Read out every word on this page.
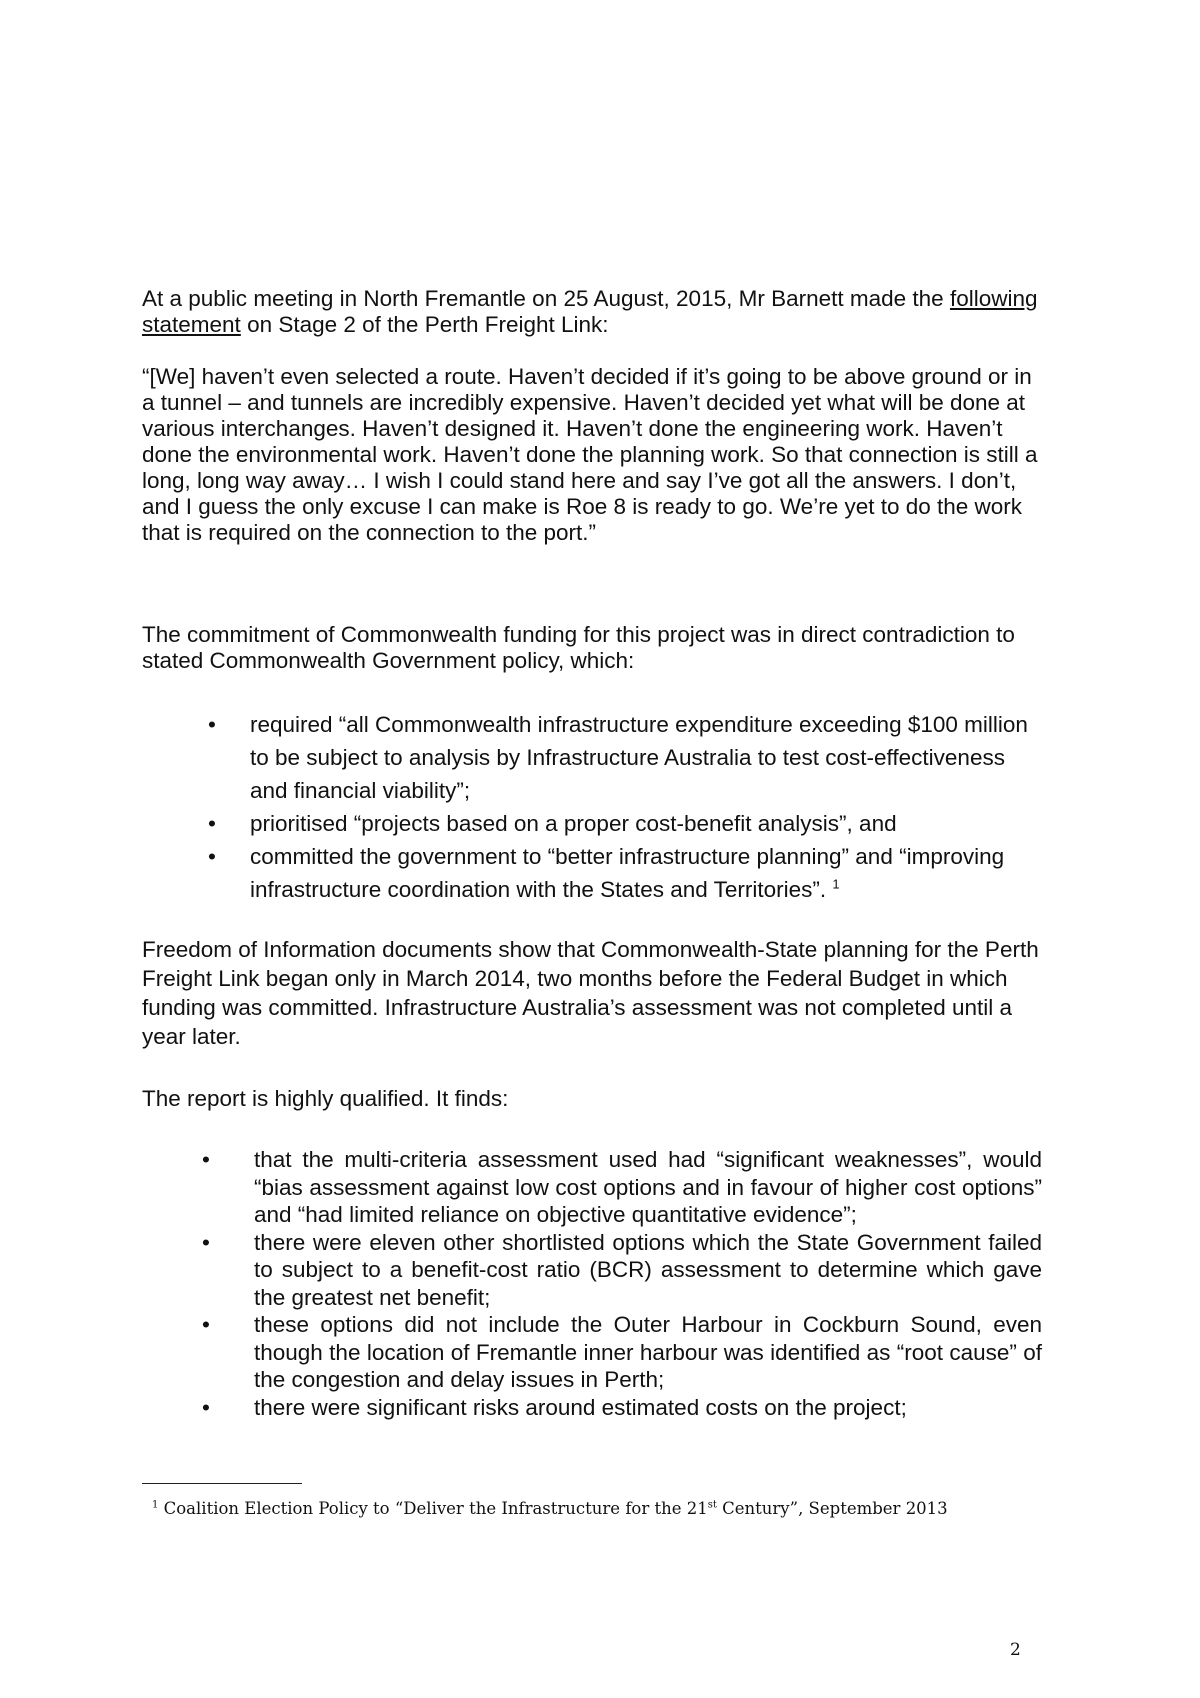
At a public meeting in North Fremantle on 25 August, 2015, Mr Barnett made the following statement on Stage 2 of the Perth Freight Link:

“[We] haven’t even selected a route. Haven’t decided if it’s going to be above ground or in a tunnel – and tunnels are incredibly expensive. Haven’t decided yet what will be done at various interchanges. Haven’t designed it. Haven’t done the engineering work. Haven’t done the environmental work. Haven’t done the planning work. So that connection is still a long, long way away… I wish I could stand here and say I’ve got all the answers. I don’t, and I guess the only excuse I can make is Roe 8 is ready to go. We’re yet to do the work that is required on the connection to the port.”

The commitment of Commonwealth funding for this project was in direct contradiction to stated Commonwealth Government policy, which:

• required “all Commonwealth infrastructure expenditure exceeding $100 million to be subject to analysis by Infrastructure Australia to test cost-effectiveness and financial viability”;
• prioritised “projects based on a proper cost-benefit analysis”, and
• committed the government to “better infrastructure planning” and “improving infrastructure coordination with the States and Territories”. $^1$

Freedom of Information documents show that Commonwealth-State planning for the Perth Freight Link began only in March 2014, two months before the Federal Budget in which funding was committed. Infrastructure Australia’s assessment was not completed until a year later.

The report is highly qualified. It finds:

•	that the multi-criteria assessment used had “significant weaknesses”, would “bias assessment against low cost options and in favour of higher cost options” and “had limited reliance on objective quantitative evidence”;
•	there were eleven other shortlisted options which the State Government failed to subject to a benefit-cost ratio (BCR) assessment to determine which gave the greatest net benefit;
•	these options did not include the Outer Harbour in Cockburn Sound, even though the location of Fremantle inner harbour was identified as “root cause” of the congestion and delay issues in Perth;
•	there were significant risks around estimated costs on the project;
$^1$ Coalition Election Policy to “Deliver the Infrastructure for the 21st Century”, September 2013
2
